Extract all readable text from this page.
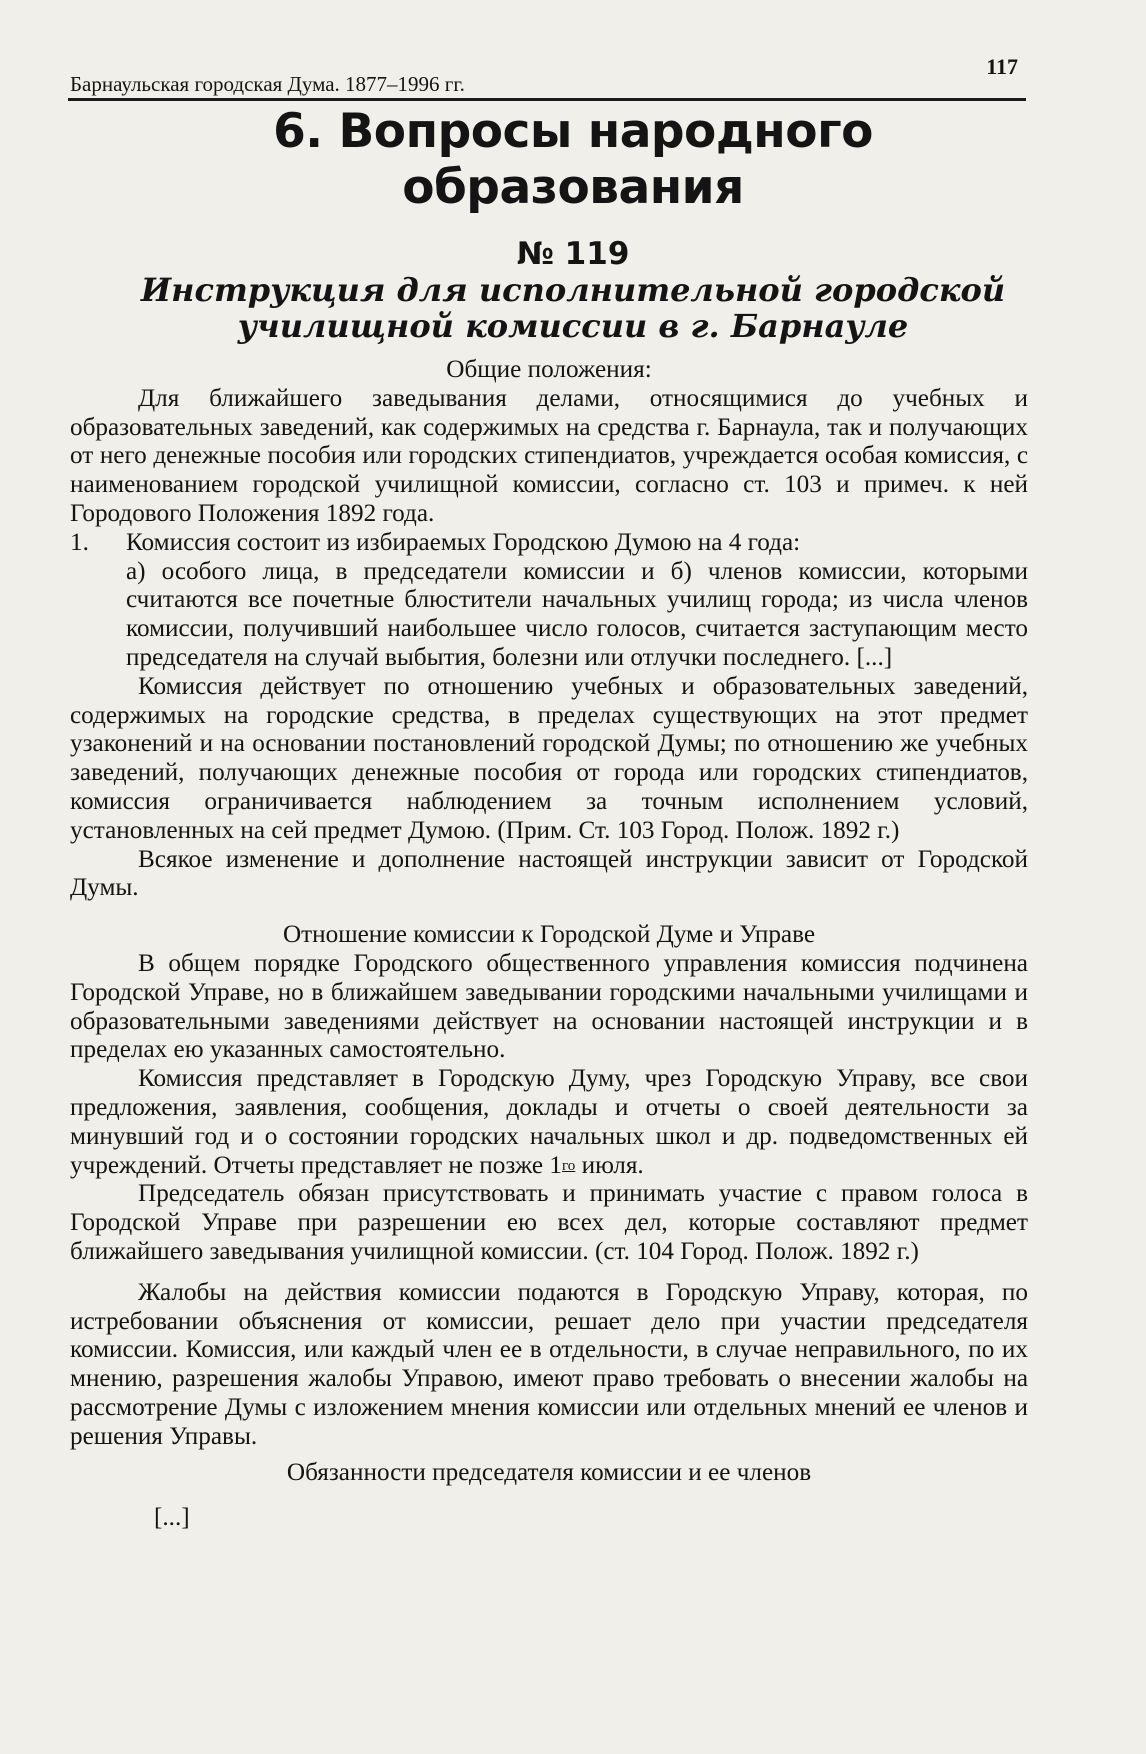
Барнаульская городская Дума. 1877–1996 гг.
117
6. Вопросы народного
образования
№ 119
Инструкция для исполнительной городской
училищной комиссии в г. Барнауле

Общие положения:

Для ближайшего заведывания делами, относящимися до учебных и образовательных заведений, как содержимых на средства г. Барнаула, так и получающих от него денежные пособия или городских стипендиатов, учреждается особая комиссия, с наименованием городской училищной комиссии, согласно ст. 103 и примеч. к ней Городового Положения 1892 года.

1.	Комиссия состоит из избираемых Городскою Думою на 4 года:
а) особого лица, в председатели комиссии и б) членов комиссии, которыми считаются все почетные блюстители начальных училищ города; из числа членов комиссии, получивший наибольшее число голосов, считается заступающим место председателя на случай выбытия, болезни или отлучки последнего. [...]

Комиссия действует по отношению учебных и образовательных заведений, содержимых на городские средства, в пределах существующих на этот предмет узаконений и на основании постановлений городской Думы; по отношению же учебных заведений, получающих денежные пособия от города или городских стипендиатов, комиссия ограничивается наблюдением за точным исполнением условий, установленных на сей предмет Думою. (Прим. Ст. 103 Город. Полож. 1892 г.)

Всякое изменение и дополнение настоящей инструкции зависит от Городской Думы.

Отношение комиссии к Городской Думе и Управе

В общем порядке Городского общественного управления комиссия подчинена Городской Управе, но в ближайшем заведывании городскими начальными училищами и образовательными заведениями действует на основании настоящей инструкции и в пределах ею указанных самостоятельно.

Комиссия представляет в Городскую Думу, чрез Городскую Управу, все свои предложения, заявления, сообщения, доклады и отчеты о своей деятельности за минувший год и о состоянии городских начальных школ и др. подведомственных ей учреждений. Отчеты представляет не позже $1^{го}$ июля.

Председатель обязан присутствовать и принимать участие с правом голоса в Городской Управе при разрешении ею всех дел, которые составляют предмет ближайшего заведывания училищной комиссии. (ст. 104 Город. Полож. 1892 г.)

Жалобы на действия комиссии подаются в Городскую Управу, которая, по истребовании объяснения от комиссии, решает дело при участии председателя комиссии. Комиссия, или каждый член ее в отдельности, в случае неправильного, по их мнению, разрешения жалобы Управою, имеют право требовать о внесении жалобы на рассмотрение Думы с изложением мнения комиссии или отдельных мнений ее членов и решения Управы.

Обязанности председателя комиссии и ее членов

[...]
